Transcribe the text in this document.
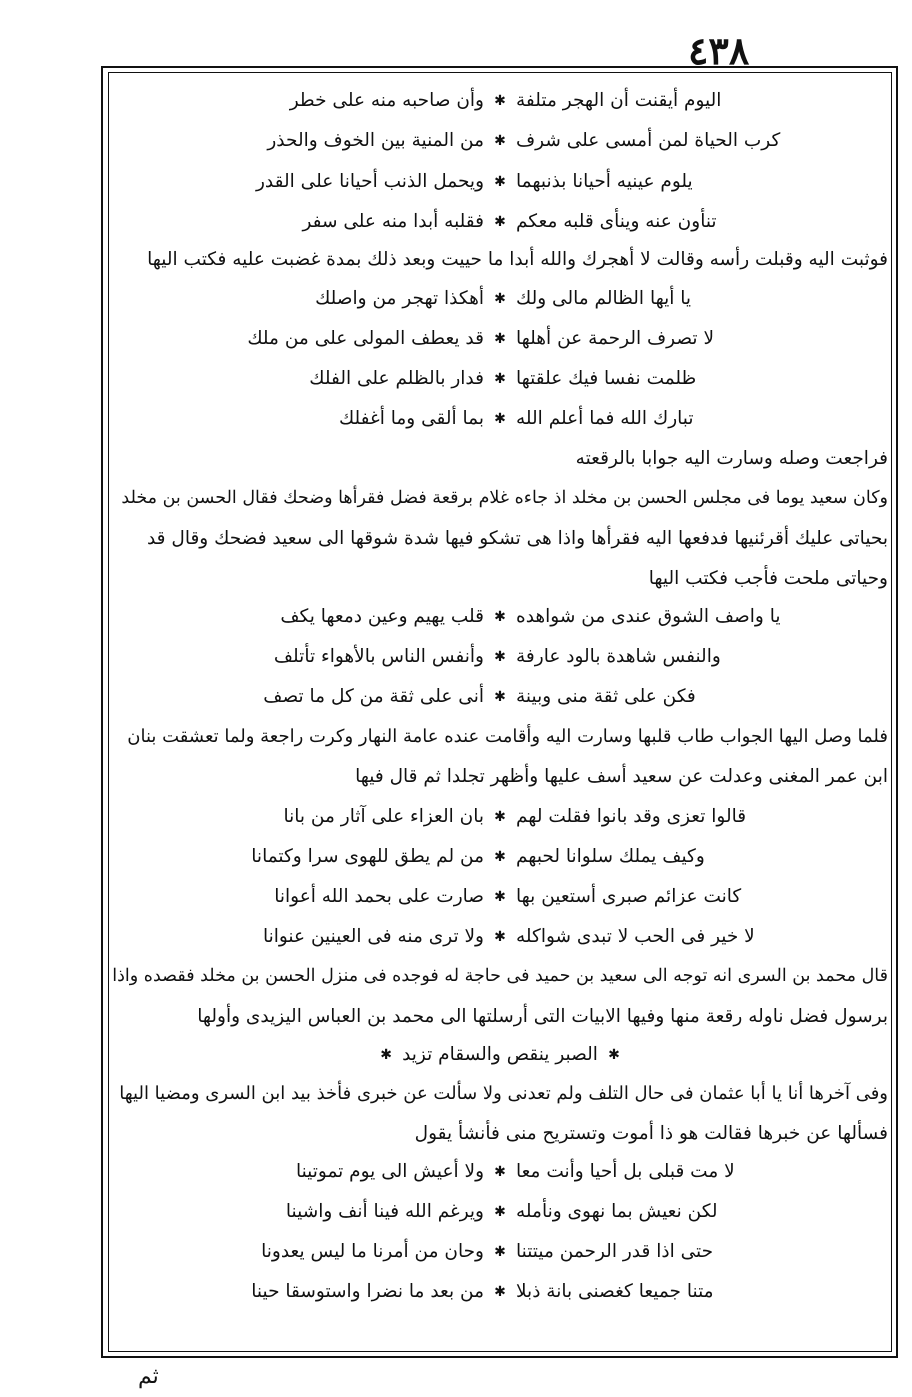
٤٣٨
اليوم أيقنت أن الهجر متلفة
✱
وأن صاحبه منه على خطر
كرب الحياة لمن أمسى على شرف
✱
من المنية بين الخوف والحذر
يلوم عينيه أحيانا بذنبهما
✱
ويحمل الذنب أحيانا على القدر
تنأون عنه وينأى قلبه معكم
✱
فقلبه أبدا منه على سفر
فوثبت اليه وقبلت رأسه وقالت لا أهجرك والله أبدا ما حييت وبعد ذلك بمدة غضبت عليه فكتب اليها
يا أيها الظالم مالى ولك
✱
أهكذا تهجر من واصلك
لا تصرف الرحمة عن أهلها
✱
قد يعطف المولى على من ملك
ظلمت نفسا فيك علقتها
✱
فدار بالظلم على الفلك
تبارك الله فما أعلم الله
✱
بما ألقى وما أغفلك
فراجعت وصله وسارت اليه جوابا بالرقعته
وكان سعيد يوما فى مجلس الحسن بن مخلد اذ جاءه غلام برقعة فضل فقرأها وضحك فقال الحسن بن مخلد
بحياتى عليك أقرئنيها فدفعها اليه فقرأها واذا هى تشكو فيها شدة شوقها الى سعيد فضحك وقال قد
وحياتى ملحت فأجب فكتب اليها
يا واصف الشوق عندى من شواهده
✱
قلب يهيم وعين دمعها يكف
والنفس شاهدة بالود عارفة
✱
وأنفس الناس بالأهواء تأتلف
فكن على ثقة منى وبينة
✱
أنى على ثقة من كل ما تصف
فلما وصل اليها الجواب طاب قلبها وسارت اليه وأقامت عنده عامة النهار وكرت راجعة ولما تعشقت بنان
ابن عمر المغنى وعدلت عن سعيد أسف عليها وأظهر تجلدا ثم قال فيها
قالوا تعزى وقد بانوا فقلت لهم
✱
بان العزاء على آثار من بانا
وكيف يملك سلوانا لحبهم
✱
من لم يطق للهوى سرا وكتمانا
كانت عزائم صبرى أستعين بها
✱
صارت على بحمد الله أعوانا
لا خير فى الحب لا تبدى شواكله
✱
ولا ترى منه فى العينين عنوانا
قال محمد بن السرى انه توجه الى سعيد بن حميد فى حاجة له فوجده فى منزل الحسن بن مخلد فقصده واذا
برسول فضل ناوله رقعة منها وفيها الابيات التى أرسلتها الى محمد بن العباس اليزيدى وأولها
✱
الصبر ينقص والسقام تزيد
✱
وفى آخرها أنا يا أبا عثمان فى حال التلف ولم تعدنى ولا سألت عن خبرى فأخذ بيد ابن السرى ومضيا اليها
فسألها عن خبرها فقالت هو ذا أموت وتستريح منى فأنشأ يقول
لا مت قبلى بل أحيا وأنت معا
✱
ولا أعيش الى يوم تموتينا
لكن نعيش بما نهوى ونأمله
✱
ويرغم الله فينا أنف واشينا
حتى اذا قدر الرحمن ميتتنا
✱
وحان من أمرنا ما ليس يعدونا
متنا جميعا كغصنى بانة ذبلا
✱
من بعد ما نضرا واستوسقا حينا
ثم
